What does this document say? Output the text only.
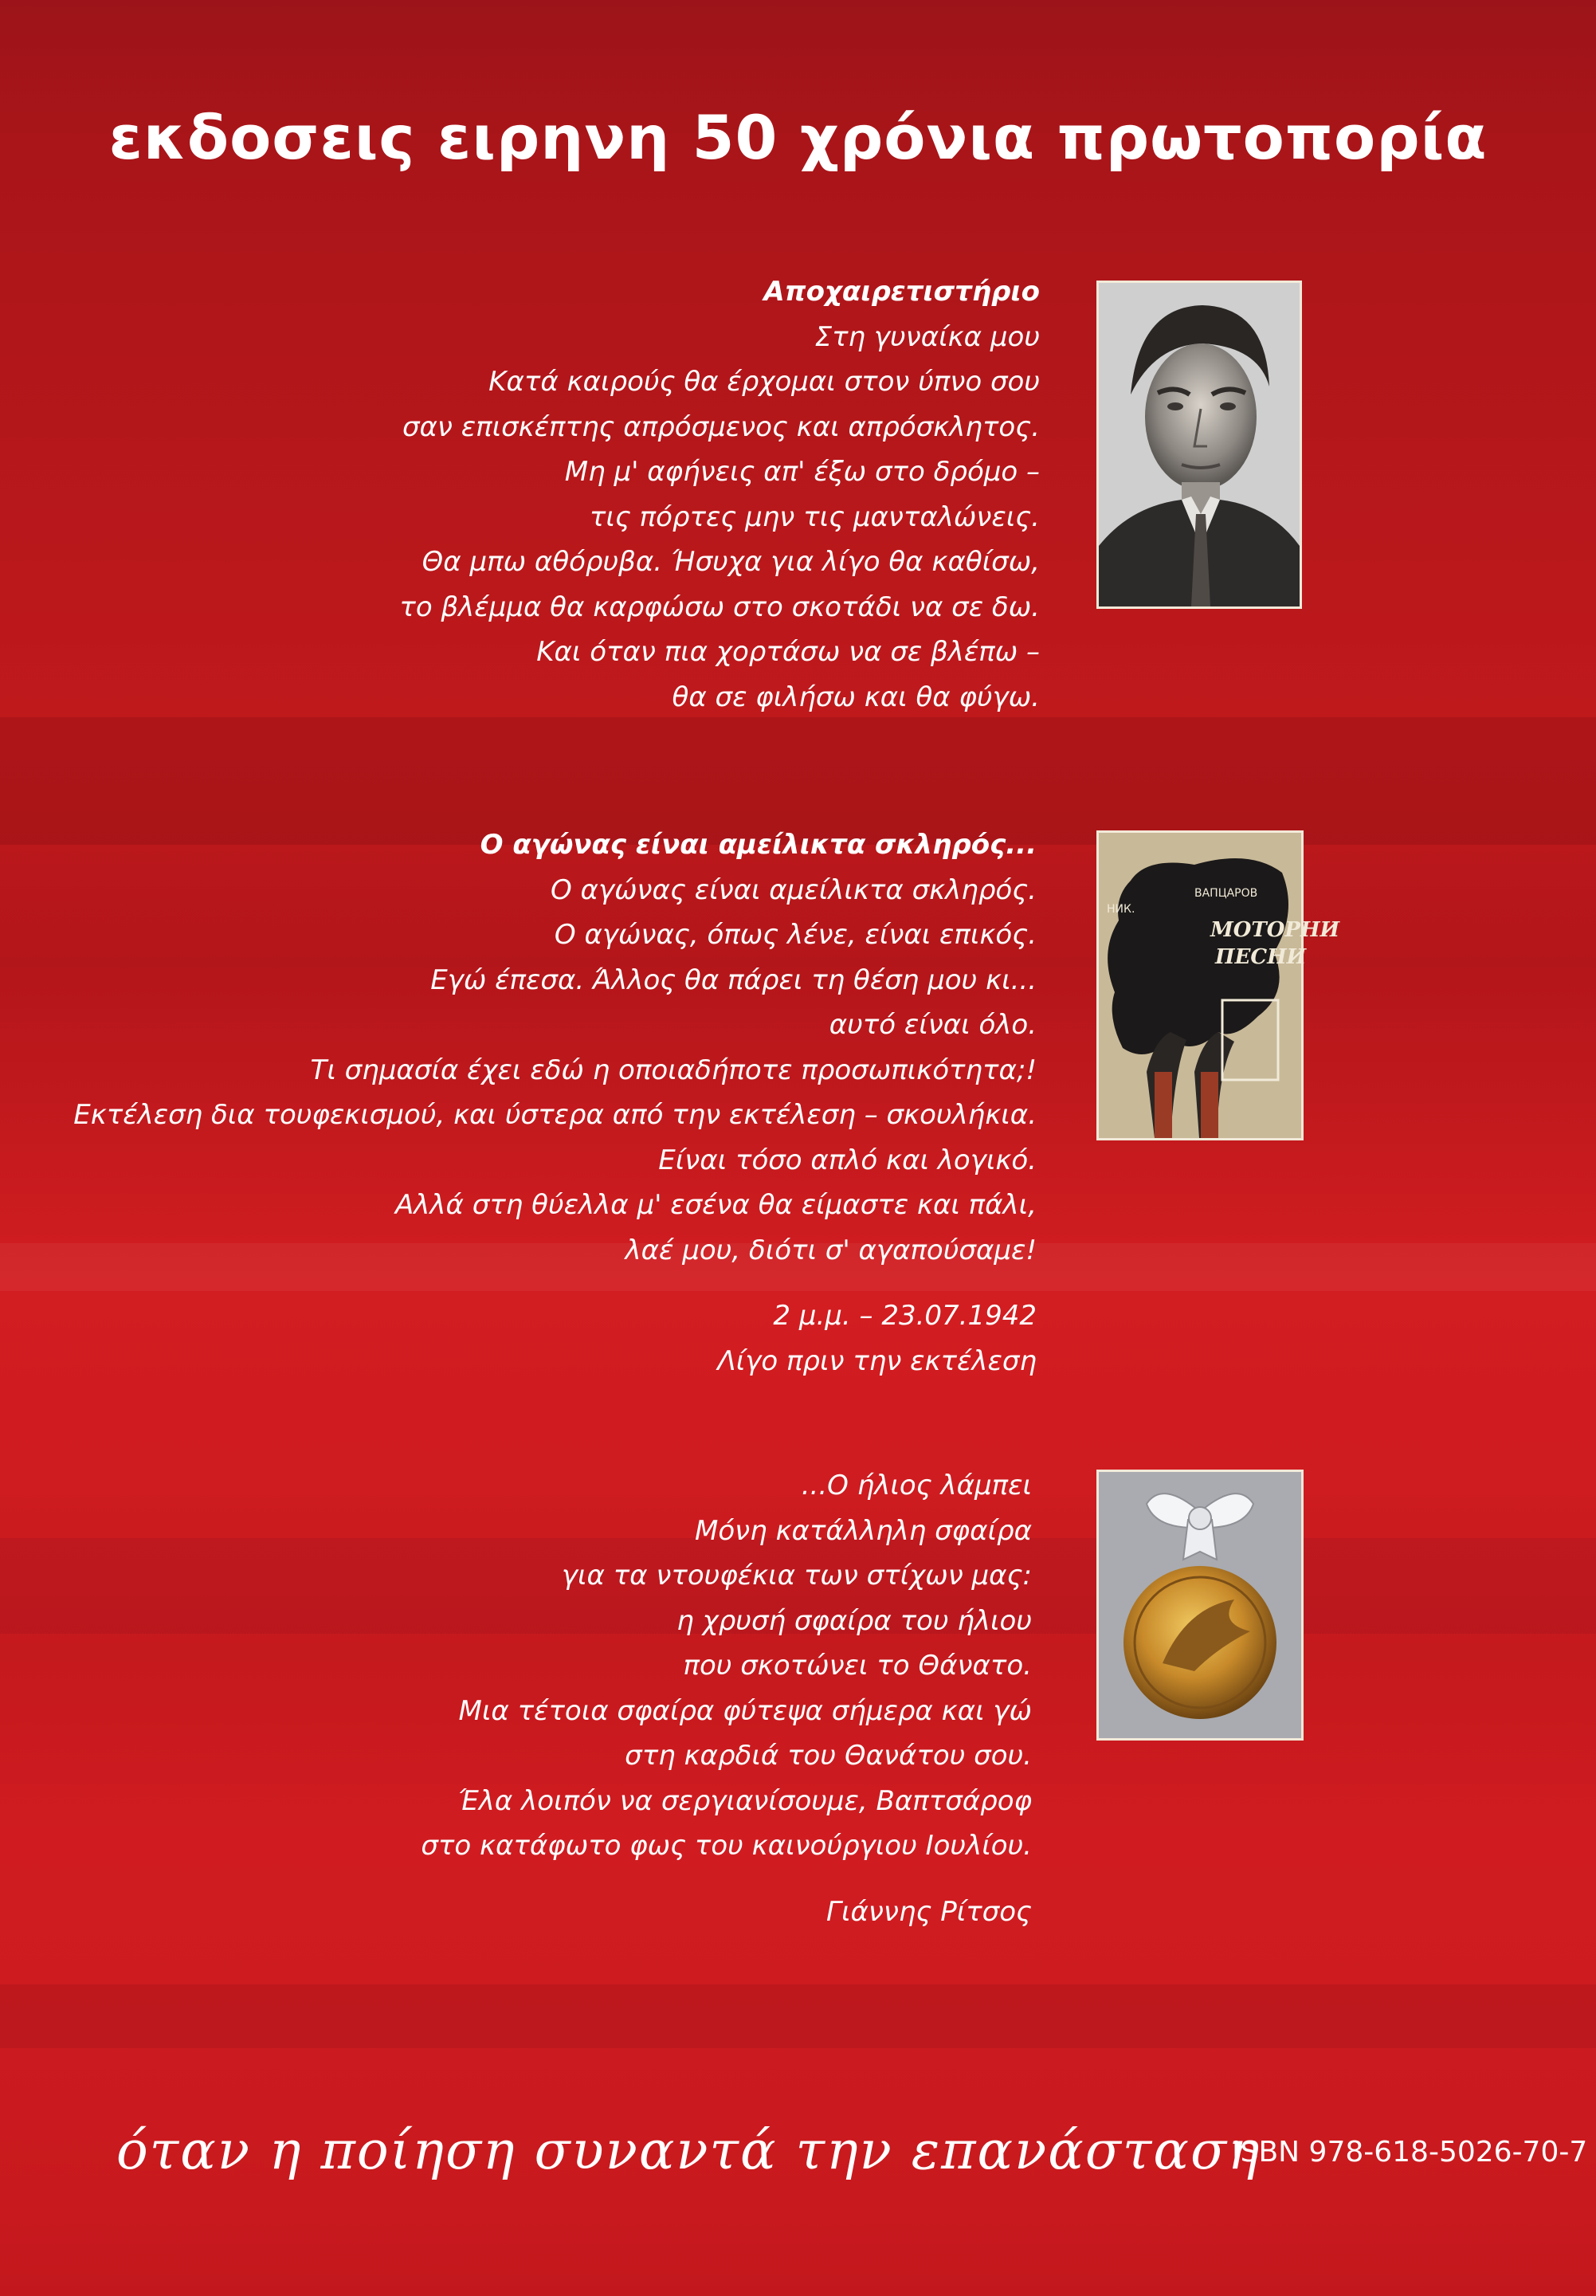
εκδοσεις ειρηνη 50 χρόνια πρωτοπορία
Αποχαιρετιστήριο
Στη γυναίκα μου
Κατά καιρούς θα έρχομαι στον ύπνο σου
σαν επισκέπτης απρόσμενος και απρόσκλητος.
Μη μ' αφήνεις απ' έξω στο δρόμο –
τις πόρτες μην τις μανταλώνεις.
Θα μπω αθόρυβα. Ήσυχα για λίγο θα καθίσω,
το βλέμμα θα καρφώσω στο σκοτάδι να σε δω.
Και όταν πια χορτάσω να σε βλέπω –
θα σε φιλήσω και θα φύγω.
Ο αγώνας είναι αμείλικτα σκληρός...
Ο αγώνας είναι αμείλικτα σκληρός.
Ο αγώνας, όπως λένε, είναι επικός.
Εγώ έπεσα. Άλλος θα πάρει τη θέση μου κι...
αυτό είναι όλο.
Τι σημασία έχει εδώ η οποιαδήποτε προσωπικότητα;!
Εκτέλεση δια τουφεκισμού, και ύστερα από την εκτέλεση – σκουλήκια.
Είναι τόσο απλό και λογικό.
Αλλά στη θύελλα μ' εσένα θα είμαστε και πάλι,
λαέ μου, διότι σ' αγαπούσαμε!
2 μ.μ. – 23.07.1942
Λίγο πριν την εκτέλεση
НИК.
ВАПЦАРОВ
МОТОРНИ
ПЕСНИ
...Ο ήλιος λάμπει
Μόνη κατάλληλη σφαίρα
για τα ντουφέκια των στίχων μας:
η χρυσή σφαίρα του ήλιου
που σκοτώνει το Θάνατο.
Μια τέτοια σφαίρα φύτεψα σήμερα και γώ
στη καρδιά του Θανάτου σου.
Έλα λοιπόν να σεργιανίσουμε, Βαπτσάροφ
στο κατάφωτο φως του καινούργιου Ιουλίου.
Γιάννης Ρίτσος
όταν η ποίηση συναντά την επανάσταση
ISBN 978-618-5026-70-7
